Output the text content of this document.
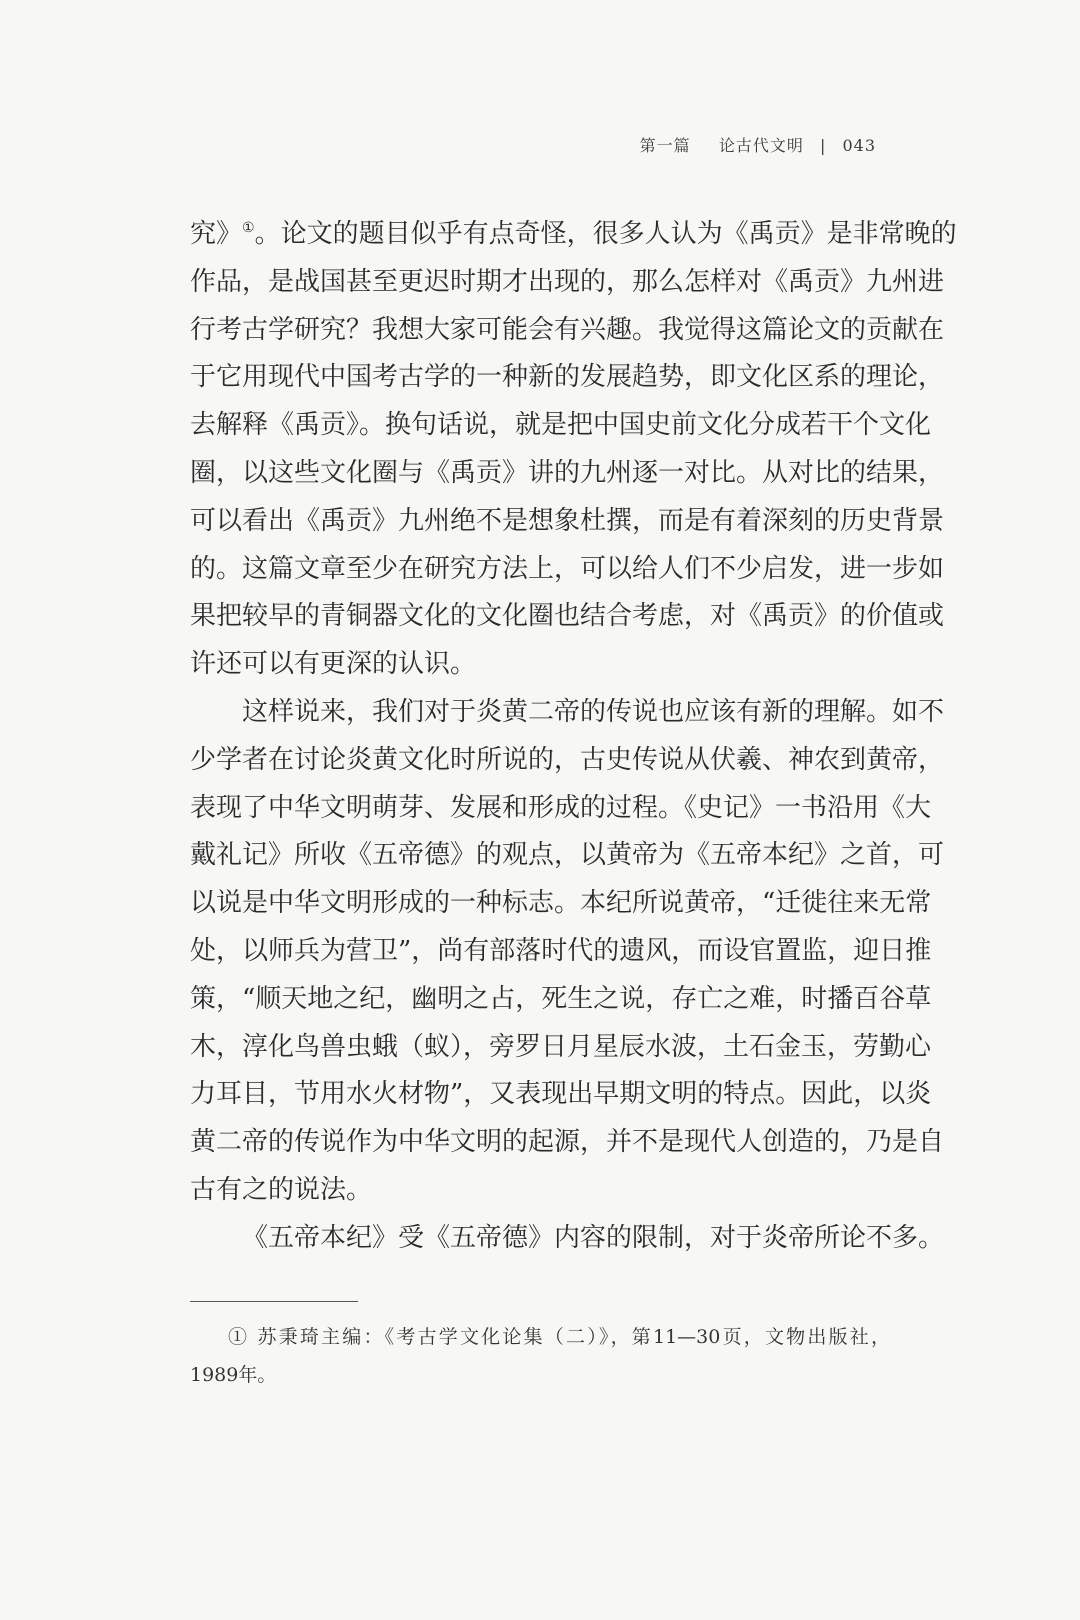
第一篇 论古代文明 | 043
究》①。论文的题目似乎有点奇怪，很多人认为《禹贡》是非常晚的
作品，是战国甚至更迟时期才出现的，那么怎样对《禹贡》九州进
行考古学研究？我想大家可能会有兴趣。我觉得这篇论文的贡献在
于它用现代中国考古学的一种新的发展趋势，即文化区系的理论，
去解释《禹贡》。换句话说，就是把中国史前文化分成若干个文化
圈，以这些文化圈与《禹贡》讲的九州逐一对比。从对比的结果，
可以看出《禹贡》九州绝不是想象杜撰，而是有着深刻的历史背景
的。这篇文章至少在研究方法上，可以给人们不少启发，进一步如
果把较早的青铜器文化的文化圈也结合考虑，对《禹贡》的价值或
许还可以有更深的认识。
这样说来，我们对于炎黄二帝的传说也应该有新的理解。如不
少学者在讨论炎黄文化时所说的，古史传说从伏羲、神农到黄帝，
表现了中华文明萌芽、发展和形成的过程。《史记》一书沿用《大
戴礼记》所收《五帝德》的观点，以黄帝为《五帝本纪》之首，可
以说是中华文明形成的一种标志。本纪所说黄帝，“迁徙往来无常
处，以师兵为营卫”，尚有部落时代的遗风，而设官置监，迎日推
策，“顺天地之纪，幽明之占，死生之说，存亡之难，时播百谷草
木，淳化鸟兽虫蛾（蚁），旁罗日月星辰水波，土石金玉，劳勤心
力耳目，节用水火材物”，又表现出早期文明的特点。因此，以炎
黄二帝的传说作为中华文明的起源，并不是现代人创造的，乃是自
古有之的说法。
《五帝本纪》受《五帝德》内容的限制，对于炎帝所论不多。
① 苏秉琦主编：《考古学文化论集（二）》，第11—30页，文物出版社，
1989年。
